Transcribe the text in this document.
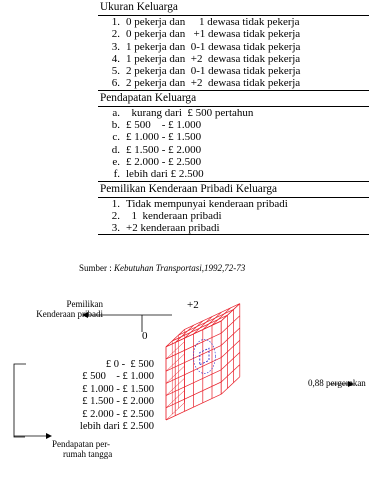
Ukuran Keluarga
1. 0 pekerja dan     1 dewasa tidak pekerja
2. 0 pekerja dan   +1 dewasa tidak pekerja
3. 1 pekerja dan  0-1 dewasa tidak pekerja
4. 1 pekerja dan  +2  dewasa tidak pekerja
5. 2 pekerja dan  0-1 dewasa tidak pekerja
6. 2 pekerja dan  +2  dewasa tidak pekerja
Pendapatan Keluarga
a. kurang dari  £ 500 pertahun
b. £ 500    - £ 1.000
c. £ 1.000 - £ 1.500
d. £ 1.500 - £ 2.000
e. £ 2.000 - £ 2.500
f. lebih dari £ 2.500
Pemilikan Kenderaan Pribadi Keluarga
1. Tidak mempunyai kenderaan pribadi
2. 1  kenderaan pribadi
3. +2 kenderaan pribadi
Sumber : Kebutuhan Transportasi,1992,72-73
Pemilikan
Kenderaan pribadi
+2
0
£ 0 -  £ 500
£ 500    - £ 1.000
£ 1.000 - £ 1.500
£ 1.500 - £ 2.000
£ 2.000 - £ 2.500
lebih dari £ 2.500
Pendapatan per-
rumah tangga
0,88 pergerakan
